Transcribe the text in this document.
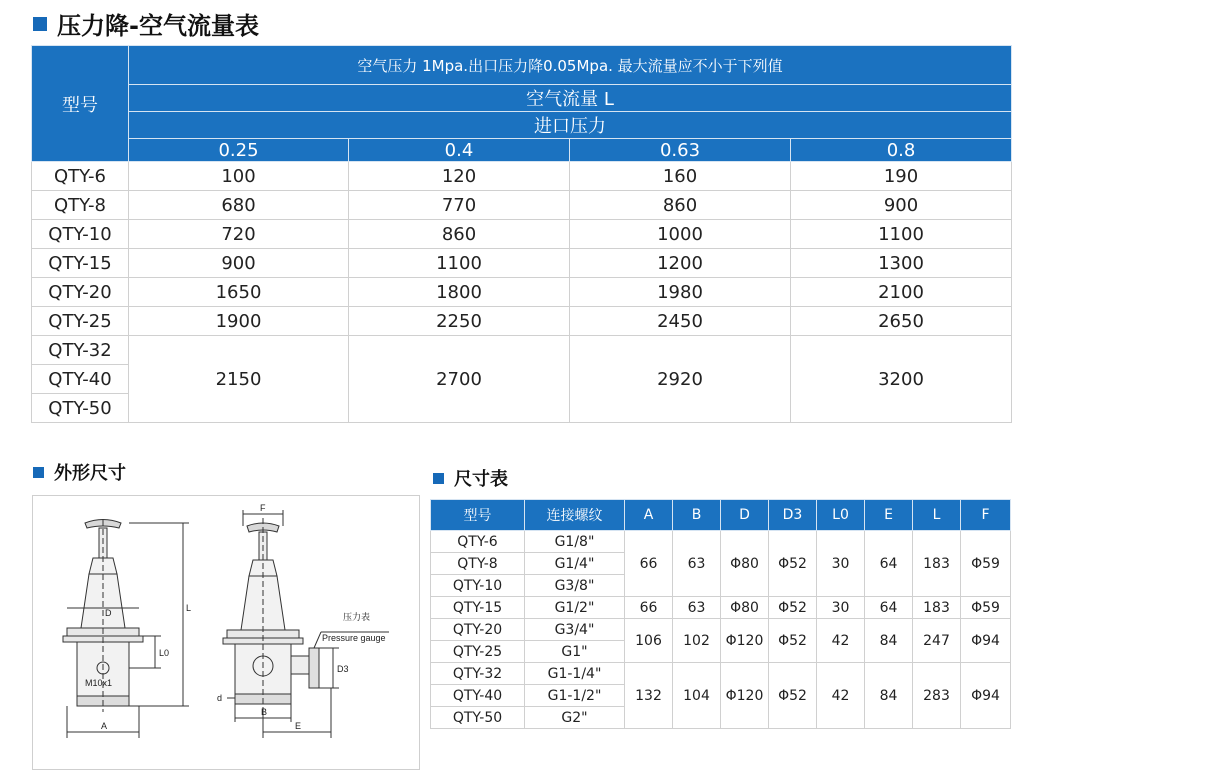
压力降-空气流量表
外形尺寸	尺寸表
型号	空气压力 1Mpa.出口压力降0.05Mpa. 最大流量应不小于下列值			
	空气流量 L			
	进口压力			
	0.25	0.4	0.63	0.8
QTY-6	100	120	160	190
QTY-8	680	770	860	900
QTY-10	720	860	1000	1100
QTY-15	900	1100	1200	1300
QTY-20	1650	1800	1980	2100
QTY-25	1900	2250	2450	2650
QTY-32	2150	2700	2920	3200
QTY-40				
QTY-50				
D	L
L0
M10x1
A
F
压力表
Pressure gauge
D3
d
B
E
型号	连接螺纹	A	B	D	D3	L0	E	L	F
QTY-6	G1/8"	66	63	Φ80	Φ52	30	64	183	Φ59
QTY-8	G1/4"								
QTY-10	G3/8"								
QTY-15	G1/2"	66	63	Φ80	Φ52	30	64	183	Φ59
QTY-20	G3/4"	106	102	Φ120	Φ52	42	84	247	Φ94
QTY-25	G1"								
QTY-32	G1-1/4"	132	104	Φ120	Φ52	42	84	283	Φ94
QTY-40	G1-1/2"								
QTY-50	G2"								
